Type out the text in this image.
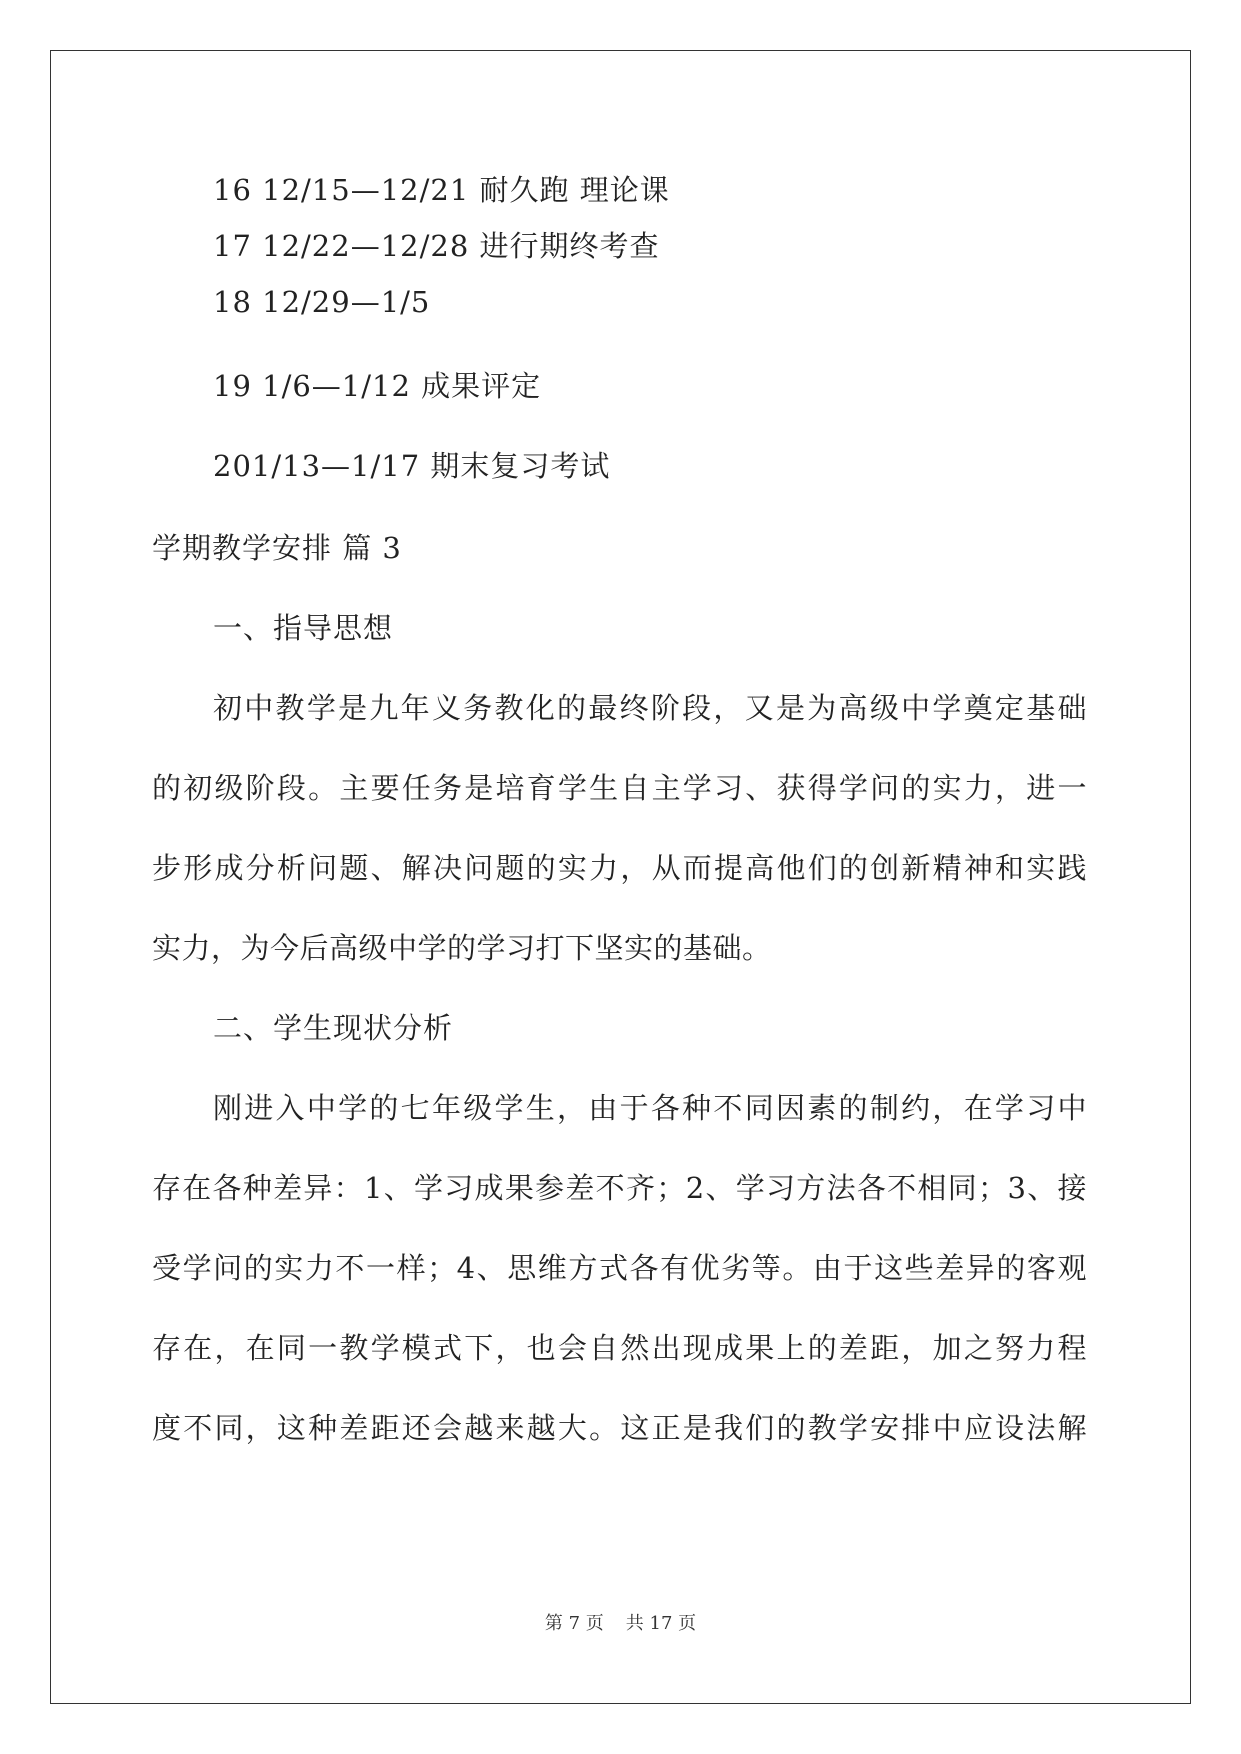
16 12/15—12/21 耐久跑 理论课
17 12/22—12/28 进行期终考查
18 12/29—1/5
19 1/6—1/12 成果评定
201/13—1/17 期末复习考试
学期教学安排 篇 3
一、指导思想
初中教学是九年义务教化的最终阶段，又是为高级中学奠定基础
的初级阶段。主要任务是培育学生自主学习、获得学问的实力，进一
步形成分析问题、解决问题的实力，从而提高他们的创新精神和实践
实力，为今后高级中学的学习打下坚实的基础。
二、学生现状分析
刚进入中学的七年级学生，由于各种不同因素的制约，在学习中
存在各种差异：1、学习成果参差不齐；2、学习方法各不相同；3、接
受学问的实力不一样；4、思维方式各有优劣等。由于这些差异的客观
存在，在同一教学模式下，也会自然出现成果上的差距，加之努力程
度不同，这种差距还会越来越大。这正是我们的教学安排中应设法解
第 7 页 共 17 页
